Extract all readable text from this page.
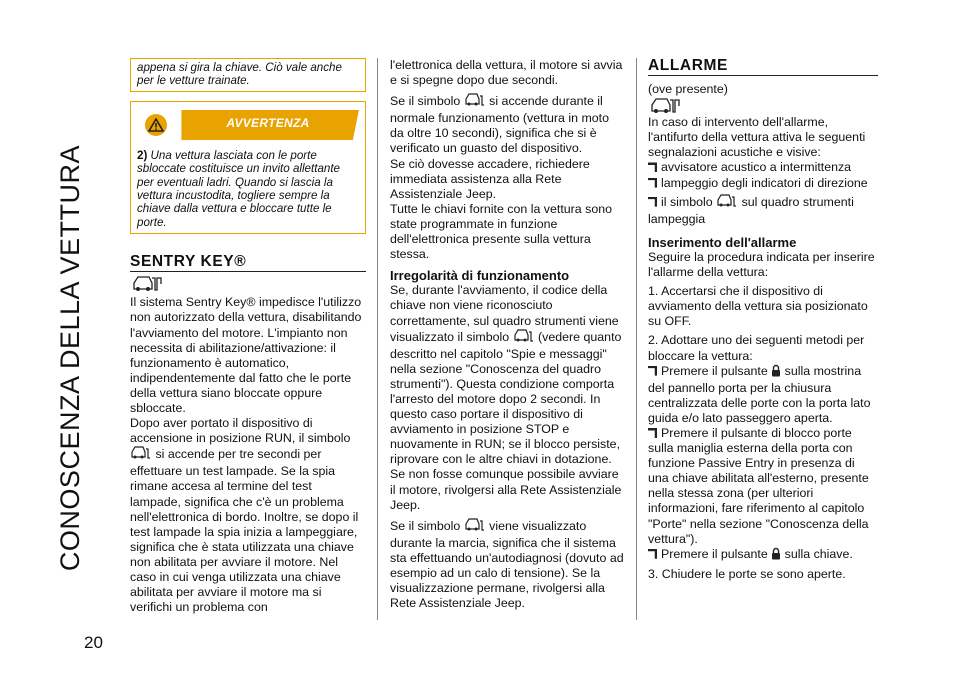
CONOSCENZA DELLA VETTURA
20
appena si gira la chiave. Ciò vale anche per le vetture trainate.
AVVERTENZA
2) Una vettura lasciata con le porte sbloccate costituisce un invito allettante per eventuali ladri. Quando si lascia la vettura incustodita, togliere sempre la chiave dalla vettura e bloccare tutte le porte.
SENTRY KEY®

Il sistema Sentry Key® impedisce l'utilizzo non autorizzato della vettura, disabilitando l'avviamento del motore. L'impianto non necessita di abilitazione/attivazione: il funzionamento è automatico, indipendentemente dal fatto che le porte della vettura siano bloccate oppure sbloccate.

Dopo aver portato il dispositivo di accensione in posizione RUN, il simbolo
si accende per tre secondi per effettuare un test lampade. Se la spia rimane accesa al termine del test lampade, significa che c'è un problema nell'elettronica di bordo. Inoltre, se dopo il test lampade la spia inizia a lampeggiare, significa che è stata utilizzata una chiave non abilitata per avviare il motore. Nel caso in cui venga utilizzata una chiave abilitata per avviare il motore ma si verifichi un problema con

l'elettronica della vettura, il motore si avvia e si spegne dopo due secondi.

Se il simbolo si accende durante il normale funzionamento (vettura in moto da oltre 10 secondi), significa che si è verificato un guasto del dispositivo.

Se ciò dovesse accadere, richiedere immediata assistenza alla Rete Assistenziale Jeep.

Tutte le chiavi fornite con la vettura sono state programmate in funzione dell'elettronica presente sulla vettura stessa.

Irregolarità di funzionamento

Se, durante l'avviamento, il codice della chiave non viene riconosciuto correttamente, sul quadro strumenti viene visualizzato il simbolo (vedere quanto descritto nel capitolo "Spie e messaggi" nella sezione "Conoscenza del quadro strumenti"). Questa condizione comporta l'arresto del motore dopo 2 secondi. In questo caso portare il dispositivo di avviamento in posizione STOP e nuovamente in RUN; se il blocco persiste, riprovare con le altre chiavi in dotazione. Se non fosse comunque possibile avviare il motore, rivolgersi alla Rete Assistenziale Jeep.

Se il simbolo viene visualizzato durante la marcia, significa che il sistema sta effettuando un'autodiagnosi (dovuto ad esempio ad un calo di tensione). Se la visualizzazione permane, rivolgersi alla Rete Assistenziale Jeep.

ALLARME

(ove presente)

In caso di intervento dell'allarme, l'antifurto della vettura attiva le seguenti segnalazioni acustiche e visive:

avvisatore acustico a intermittenza

lampeggio degli indicatori di direzione

il simbolo sul quadro strumenti lampeggia

Inserimento dell'allarme

Seguire la procedura indicata per inserire l'allarme della vettura:

1. Accertarsi che il dispositivo di avviamento della vettura sia posizionato su OFF.

2. Adottare uno dei seguenti metodi per bloccare la vettura:

Premere il pulsante sulla mostrina del pannello porta per la chiusura centralizzata delle porte con la porta lato guida e/o lato passeggero aperta.

Premere il pulsante di blocco porte sulla maniglia esterna della porta con funzione Passive Entry in presenza di una chiave abilitata all'esterno, presente nella stessa zona (per ulteriori informazioni, fare riferimento al capitolo "Porte" nella sezione "Conoscenza della vettura").

Premere il pulsante sulla chiave.

3. Chiudere le porte se sono aperte.
